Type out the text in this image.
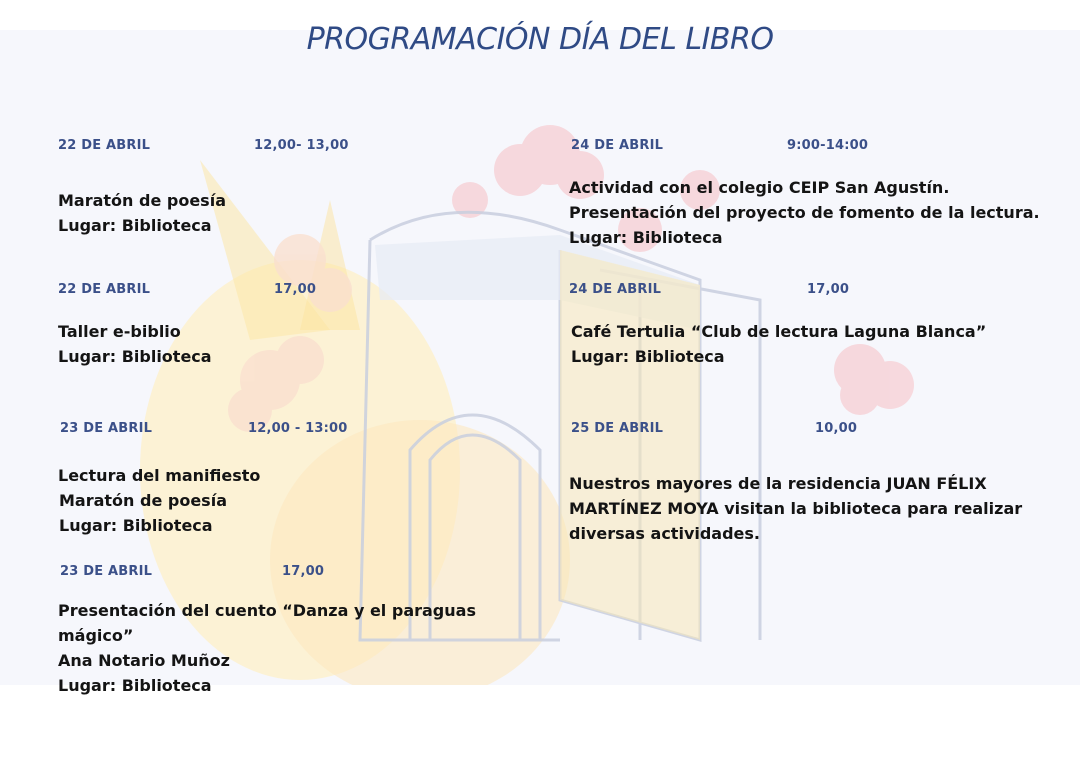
PROGRAMACIÓN DÍA DEL LIBRO
22 DE ABRIL	12,00- 13,00
Maratón de poesía
Lugar: Biblioteca
22 DE ABRIL	17,00
Taller e-biblio
Lugar: Biblioteca
23 DE ABRIL	12,00 - 13:00
Lectura del manifiesto
Maratón de poesía
Lugar: Biblioteca
23 DE ABRIL	17,00
Presentación del cuento “Danza y el paraguas mágico”
Ana Notario Muñoz
Lugar: Biblioteca
24 DE ABRIL	9:00-14:00
Actividad con el colegio CEIP San Agustín.
Presentación del proyecto de fomento de la lectura.
Lugar: Biblioteca
24 DE ABRIL	17,00
Café Tertulia “Club de lectura Laguna Blanca”
Lugar: Biblioteca
25 DE ABRIL	10,00
Nuestros mayores de la residencia JUAN FÉLIX MARTÍNEZ MOYA visitan la biblioteca para realizar diversas actividades.
